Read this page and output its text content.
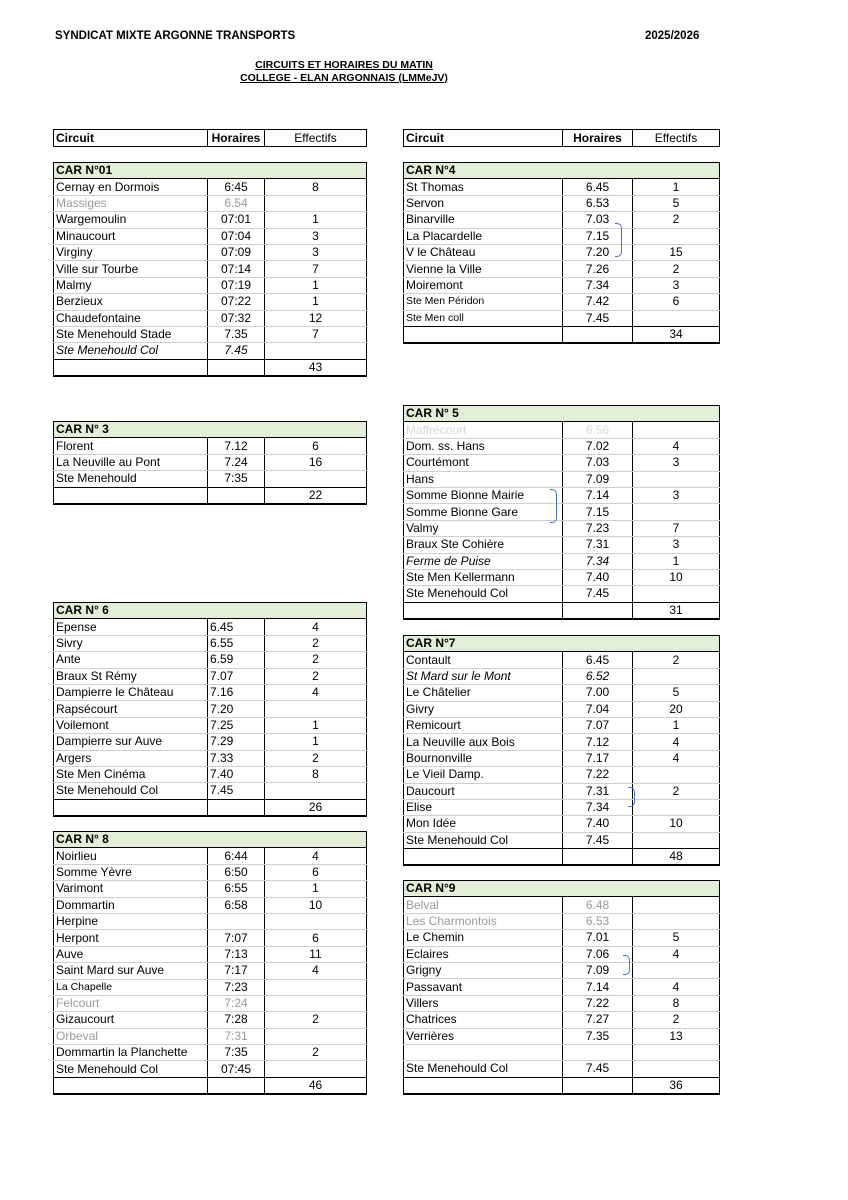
SYNDICAT MIXTE ARGONNE TRANSPORTS	2025/2026
CIRCUITS ET HORAIRES DU MATIN
COLLEGE - ELAN ARGONNAIS (LMMeJV)
Circuit	Horaires	Effectifs	Circuit	Horaires	Effectifs
CAR N°01		
Cernay en Dormois	6:45	8
Massiges	6.54	
Wargemoulin	07:01	1
Minaucourt	07:04	3
Virginy	07:09	3
Ville sur Tourbe	07:14	7
Malmy	07:19	1
Berzieux	07:22	1
Chaudefontaine	07:32	12
Ste Menehould Stade	7.35	7
Ste Menehould Col	7.45	
		43
CAR N° 3		
Florent	7.12	6
La Neuville au Pont	7.24	16
Ste Menehould	7:35	
		22
CAR N° 6		
Epense	6.45	4
Sivry	6.55	2
Ante	6.59	2
Braux St Rémy	7.07	2
Dampierre le Château	7.16	4
Rapsécourt	7.20	
Voilemont	7.25	1
Dampierre sur Auve	7.29	1
Argers	7.33	2
Ste Men Cinéma	7.40	8
Ste Menehould Col	7.45	
		26
CAR N° 8		
Noirlieu	6:44	4
Somme Yèvre	6:50	6
Varimont	6:55	1
Dommartin	6:58	10
Herpine		
Herpont	7:07	6
Auve	7:13	11
Saint Mard sur Auve	7:17	4
La Chapelle	7:23	
Felcourt	7:24	
Gizaucourt	7:28	2
Orbeval	7:31	
Dommartin la Planchette	7:35	2
Ste Menehould Col	07:45	
		46
CAR N°4		
St Thomas	6.45	1
Servon	6.53	5
Binarville	7.03	2
La Placardelle	7.15	
V le Château	7.20	15
Vienne la Ville	7.26	2
Moiremont	7.34	3
Ste Men Péridon	7.42	6
Ste Men coll	7.45	
		34
CAR N° 5		
Maffrécourt	6.56	
Dom. ss. Hans	7.02	4
Courtémont	7.03	3
Hans	7.09	
Somme Bionne Mairie	7.14	3
Somme Bionne Gare	7.15	
Valmy	7.23	7
Braux Ste Cohière	7.31	3
Ferme de Puise	7.34	1
Ste Men Kellermann	7.40	10
Ste Menehould Col	7.45	
		31
CAR N°7		
Contault	6.45	2
St Mard sur le Mont	6.52	
Le Châtelier	7.00	5
Givry	7.04	20
Remicourt	7.07	1
La Neuville aux Bois	7.12	4
Bournonville	7.17	4
Le Vieil Damp.	7.22	
Daucourt	7.31	2
Elise	7.34	
Mon Idée	7.40	10
Ste Menehould Col	7.45	
		48
CAR N°9		
Belval	6.48	
Les Charmontois	6.53	
Le Chemin	7.01	5
Eclaires	7.06	4
Grigny	7.09	
Passavant	7.14	4
Villers	7.22	8
Chatrices	7.27	2
Verrières	7.35	13

Ste Menehould Col	7.45	
		36
